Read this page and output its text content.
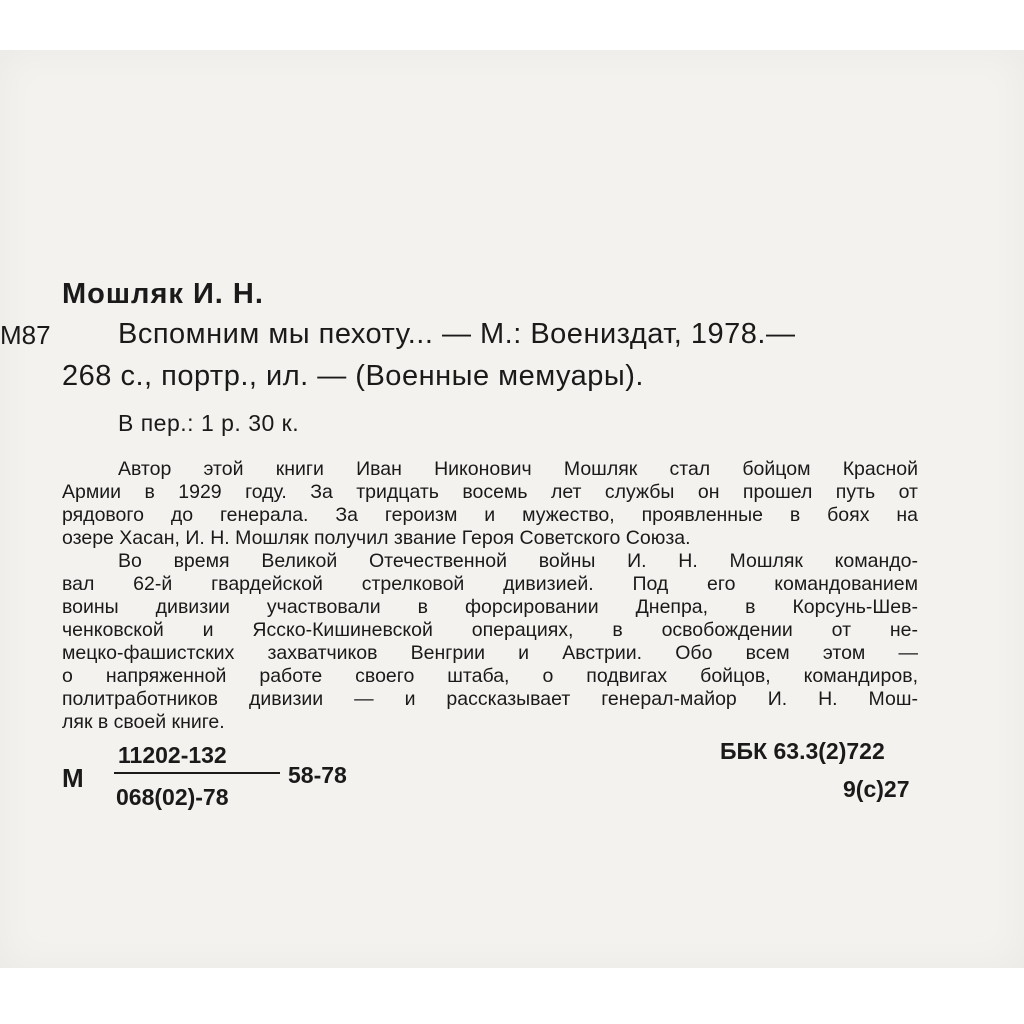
М87
Мошляк И. Н.
Вспомним мы пехоту... — М.: Воениздат, 1978.—
268 с., портр., ил. — (Военные мемуары).
В пер.: 1 р. 30 к.
Автор этой книги Иван Никонович Мошляк стал бойцом Красной
Армии в 1929 году. За тридцать восемь лет службы он прошел путь от
рядового до генерала. За героизм и мужество, проявленные в боях на
озере Хасан, И. Н. Мошляк получил звание Героя Советского Союза.
Во время Великой Отечественной войны И. Н. Мошляк командо-
вал 62-й гвардейской стрелковой дивизией. Под его командованием
воины дивизии участвовали в форсировании Днепра, в Корсунь-Шев-
ченковской и Ясско-Кишиневской операциях, в освобождении от не-
мецко-фашистских захватчиков Венгрии и Австрии. Обо всем этом —
о напряженной работе своего штаба, о подвигах бойцов, командиров,
политработников дивизии — и рассказывает генерал-майор И. Н. Мош-
ляк в своей книге.
М
11202-132
068(02)-78
58-78
ББК 63.3(2)722
9(с)27
